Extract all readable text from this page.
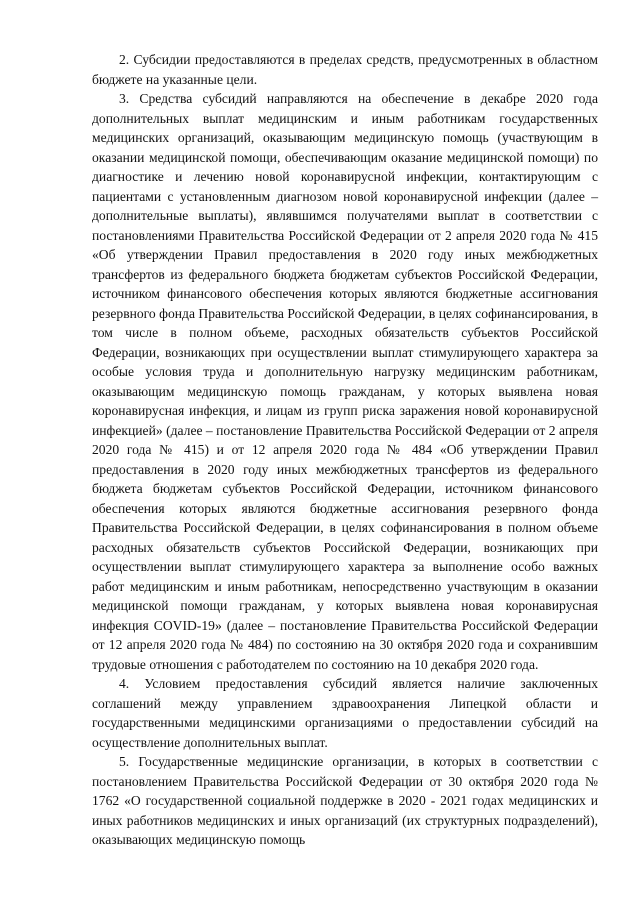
2. Субсидии предоставляются в пределах средств, предусмотренных в областном бюджете на указанные цели.

3. Средства субсидий направляются на обеспечение в декабре 2020 года дополнительных выплат медицинским и иным работникам государственных медицинских организаций, оказывающим медицинскую помощь (участвующим в оказании медицинской помощи, обеспечивающим оказание медицинской помощи) по диагностике и лечению новой коронавирусной инфекции, контактирующим с пациентами с установленным диагнозом новой коронавирусной инфекции (далее – дополнительные выплаты), являвшимся получателями выплат в соответствии с постановлениями Правительства Российской Федерации от 2 апреля 2020 года № 415 «Об утверждении Правил предоставления в 2020 году иных межбюджетных трансфертов из федерального бюджета бюджетам субъектов Российской Федерации, источником финансового обеспечения которых являются бюджетные ассигнования резервного фонда Правительства Российской Федерации, в целях софинансирования, в том числе в полном объеме, расходных обязательств субъектов Российской Федерации, возникающих при осуществлении выплат стимулирующего характера за особые условия труда и дополнительную нагрузку медицинским работникам, оказывающим медицинскую помощь гражданам, у которых выявлена новая коронавирусная инфекция, и лицам из групп риска заражения новой коронавирусной инфекцией» (далее – постановление Правительства Российской Федерации от 2 апреля 2020 года № 415) и от 12 апреля 2020 года № 484 «Об утверждении Правил предоставления в 2020 году иных межбюджетных трансфертов из федерального бюджета бюджетам субъектов Российской Федерации, источником финансового обеспечения которых являются бюджетные ассигнования резервного фонда Правительства Российской Федерации, в целях софинансирования в полном объеме расходных обязательств субъектов Российской Федерации, возникающих при осуществлении выплат стимулирующего характера за выполнение особо важных работ медицинским и иным работникам, непосредственно участвующим в оказании медицинской помощи гражданам, у которых выявлена новая коронавирусная инфекция COVID-19» (далее – постановление Правительства Российской Федерации от 12 апреля 2020 года № 484) по состоянию на 30 октября 2020 года и сохранившим трудовые отношения с работодателем по состоянию на 10 декабря 2020 года.

4. Условием предоставления субсидий является наличие заключенных соглашений между управлением здравоохранения Липецкой области и государственными медицинскими организациями о предоставлении субсидий на осуществление дополнительных выплат.

5. Государственные медицинские организации, в которых в соответствии с постановлением Правительства Российской Федерации от 30 октября 2020 года № 1762 «О государственной социальной поддержке в 2020 - 2021 годах медицинских и иных работников медицинских и иных организаций (их структурных подразделений), оказывающих медицинскую помощь
